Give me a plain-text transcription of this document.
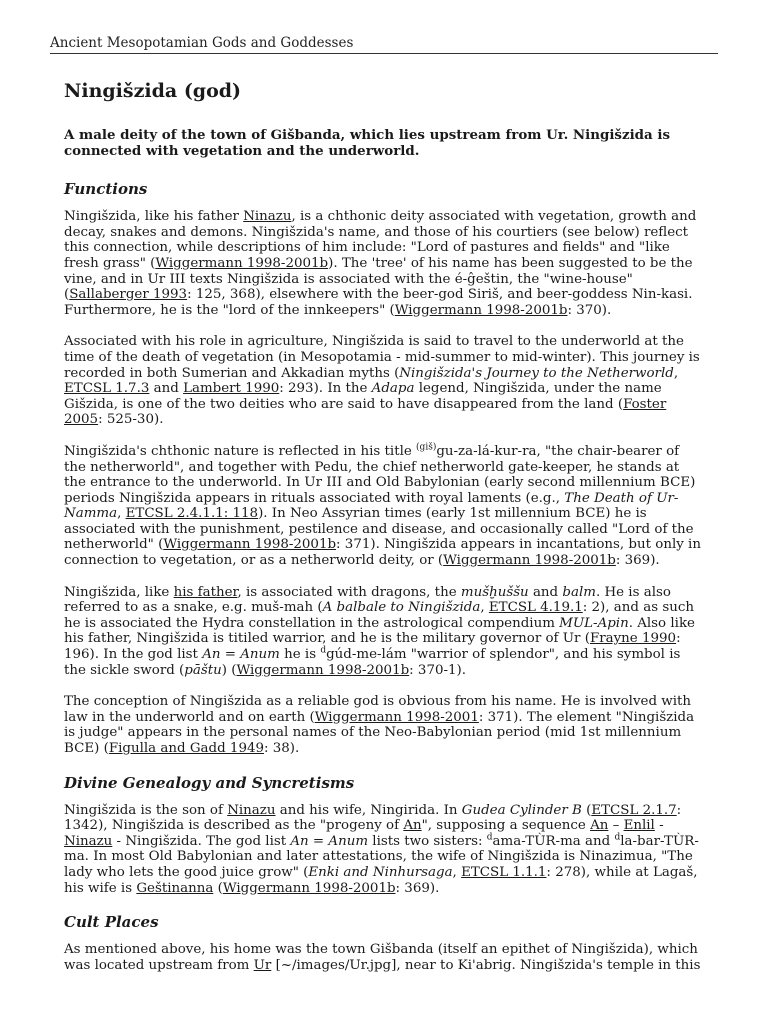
Ancient Mesopotamian Gods and Goddesses
Ningišzida (god)

A male deity of the town of Gišbanda, which lies upstream from Ur. Ningišzida is connected with vegetation and the underworld.

Functions

Ningišzida, like his father Ninazu, is a chthonic deity associated with vegetation, growth and decay, snakes and demons. Ningišzida's name, and those of his courtiers (see below) reflect this connection, while descriptions of him include: "Lord of pastures and fields" and "like fresh grass" (Wiggermann 1998-2001b). The 'tree' of his name has been suggested to be the vine, and in Ur III texts Ningišzida is associated with the é-ĝeštin, the "wine-house" (Sallaberger 1993: 125, 368), elsewhere with the beer-god Siriš, and beer-goddess Nin-kasi. Furthermore, he is the "lord of the innkeepers" (Wiggermann 1998-2001b: 370).

Associated with his role in agriculture, Ningišzida is said to travel to the underworld at the time of the death of vegetation (in Mesopotamia - mid-summer to mid-winter). This journey is recorded in both Sumerian and Akkadian myths (Ningišzida's Journey to the Netherworld, ETCSL 1.7.3 and Lambert 1990: 293). In the Adapa legend, Ningišzida, under the name Gišzida, is one of the two deities who are said to have disappeared from the land (Foster 2005: 525-30).

Ningišzida's chthonic nature is reflected in his title $^{(giš)}$gu-za-lá-kur-ra, "the chair-bearer of the netherworld", and together with Pedu, the chief netherworld gate-keeper, he stands at the entrance to the underworld. In Ur III and Old Babylonian (early second millennium BCE) periods Ningišzida appears in rituals associated with royal laments (e.g., The Death of Ur-Namma, ETCSL 2.4.1.1: 118). In Neo Assyrian times (early 1st millennium BCE) he is associated with the punishment, pestilence and disease, and occasionally called "Lord of the netherworld" (Wiggermann 1998-2001b: 371). Ningišzida appears in incantations, but only in connection to vegetation, or as a netherworld deity, or (Wiggermann 1998-2001b: 369).

Ningišzida, like his father, is associated with dragons, the mušḫuššu and balm. He is also referred to as a snake, e.g. muš-mah (A balbale to Ningišzida, ETCSL 4.19.1: 2), and as such he is associated the Hydra constellation in the astrological compendium MUL-Apin. Also like his father, Ningišzida is titiled warrior, and he is the military governor of Ur (Frayne 1990: 196). In the god list An = Anum he is $^d$gúd-me-lám "warrior of splendor", and his symbol is the sickle sword (pāštu) (Wiggermann 1998-2001b: 370-1).

The conception of Ningišzida as a reliable god is obvious from his name. He is involved with law in the underworld and on earth (Wiggermann 1998-2001: 371). The element "Ningišzida is judge" appears in the personal names of the Neo-Babylonian period (mid 1st millennium BCE) (Figulla and Gadd 1949: 38).

Divine Genealogy and Syncretisms

Ningišzida is the son of Ninazu and his wife, Ningirida. In Gudea Cylinder B (ETCSL 2.1.7: 1342), Ningišzida is described as the "progeny of An", supposing a sequence An – Enlil - Ninazu - Ningišzida. The god list An = Anum lists two sisters: $^d$ama-TÙR-ma and $^d$la-bar-TÙR-ma. In most Old Babylonian and later attestations, the wife of Ningišzida is Ninazimua, "The lady who lets the good juice grow" (Enki and Ninhursaga, ETCSL 1.1.1: 278), while at Lagaš, his wife is Geštinanna (Wiggermann 1998-2001b: 369).

Cult Places

As mentioned above, his home was the town Gišbanda (itself an epithet of Ningišzida), which was located upstream from Ur [~/images/Ur.jpg], near to Ki'abrig. Ningišzida's temple in this
